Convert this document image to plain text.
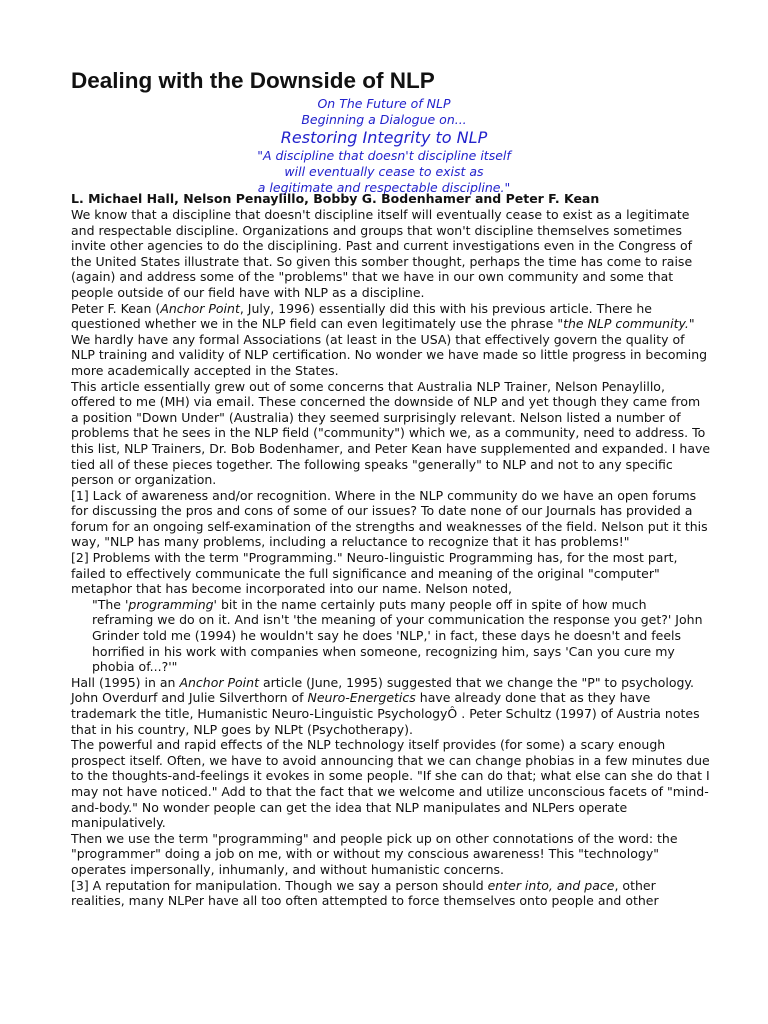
Dealing with the Downside of NLP
On The Future of NLP
Beginning a Dialogue on...
Restoring Integrity to NLP
"A discipline that doesn't discipline itself
will eventually cease to exist as
a legitimate and respectable discipline."
L. Michael Hall, Nelson Penaylillo, Bobby G. Bodenhamer and Peter F. Kean

We know that a discipline that doesn't discipline itself will eventually cease to exist as a legitimate and respectable discipline. Organizations and groups that won't discipline themselves sometimes invite other agencies to do the disciplining. Past and current investigations even in the Congress of the United States illustrate that. So given this somber thought, perhaps the time has come to raise (again) and address some of the "problems" that we have in our own community and some that people outside of our field have with NLP as a discipline.

Peter F. Kean (Anchor Point, July, 1996) essentially did this with his previous article. There he questioned whether we in the NLP field can even legitimately use the phrase "the NLP community." We hardly have any formal Associations (at least in the USA) that effectively govern the quality of NLP training and validity of NLP certification. No wonder we have made so little progress in becoming more academically accepted in the States.

This article essentially grew out of some concerns that Australia NLP Trainer, Nelson Penaylillo, offered to me (MH) via email. These concerned the downside of NLP and yet though they came from a position "Down Under" (Australia) they seemed surprisingly relevant. Nelson listed a number of problems that he sees in the NLP field ("community") which we, as a community, need to address. To this list, NLP Trainers, Dr. Bob Bodenhamer, and Peter Kean have supplemented and expanded. I have tied all of these pieces together. The following speaks "generally" to NLP and not to any specific person or organization.

[1] Lack of awareness and/or recognition. Where in the NLP community do we have an open forums for discussing the pros and cons of some of our issues? To date none of our Journals has provided a forum for an ongoing self-examination of the strengths and weaknesses of the field. Nelson put it this way, "NLP has many problems, including a reluctance to recognize that it has problems!"

[2] Problems with the term "Programming." Neuro-linguistic Programming has, for the most part, failed to effectively communicate the full significance and meaning of the original "computer" metaphor that has become incorporated into our name. Nelson noted,

"The 'programming' bit in the name certainly puts many people off in spite of how much reframing we do on it. And isn't 'the meaning of your communication the response you get?' John Grinder told me (1994) he wouldn't say he does 'NLP,' in fact, these days he doesn't and feels horrified in his work with companies when someone, recognizing him, says 'Can you cure my phobia of...?'"

Hall (1995) in an Anchor Point article (June, 1995) suggested that we change the "P" to psychology. John Overdurf and Julie Silverthorn of Neuro-Energetics have already done that as they have trademark the title, Humanistic Neuro-Linguistic PsychologyÔ . Peter Schultz (1997) of Austria notes that in his country, NLP goes by NLPt (Psychotherapy).

The powerful and rapid effects of the NLP technology itself provides (for some) a scary enough prospect itself. Often, we have to avoid announcing that we can change phobias in a few minutes due to the thoughts-and-feelings it evokes in some people. "If she can do that; what else can she do that I may not have noticed." Add to that the fact that we welcome and utilize unconscious facets of "mind-and-body." No wonder people can get the idea that NLP manipulates and NLPers operate manipulatively.

Then we use the term "programming" and people pick up on other connotations of the word: the "programmer" doing a job on me, with or without my conscious awareness! This "technology" operates impersonally, inhumanly, and without humanistic concerns.

[3] A reputation for manipulation. Though we say a person should enter into, and pace, other realities, many NLPer have all too often attempted to force themselves onto people and other
